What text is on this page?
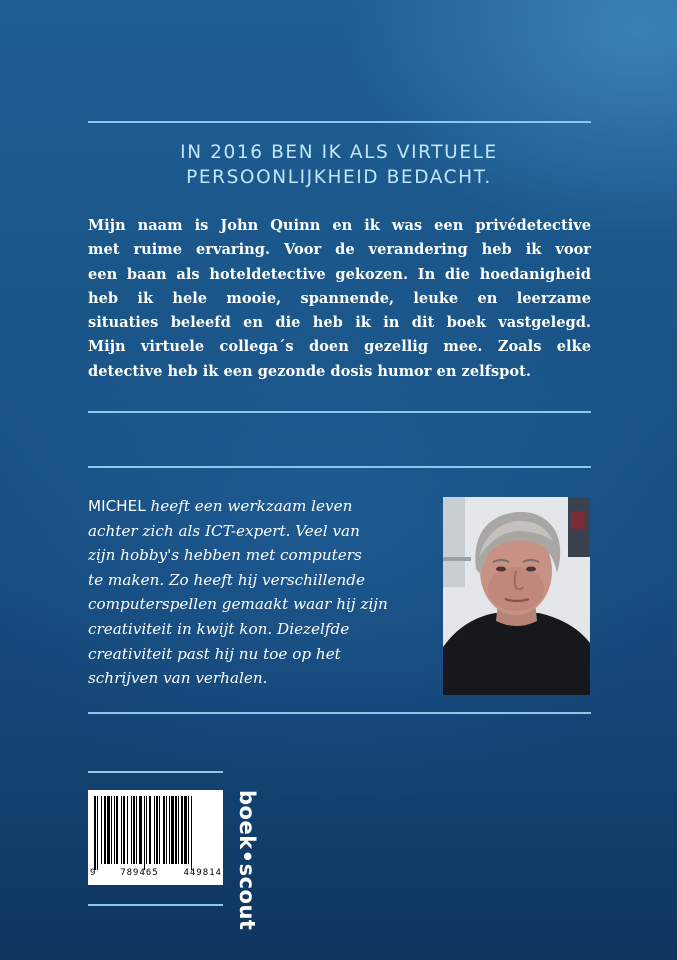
IN 2016 BEN IK ALS VIRTUELE
PERSOONLIJKHEID BEDACHT.
Mijn naam is John Quinn en ik was een privédetective
met ruime ervaring. Voor de verandering heb ik voor
een baan als hoteldetective gekozen. In die hoedanigheid
heb ik hele mooie, spannende, leuke en leerzame
situaties beleefd en die heb ik in dit boek vastgelegd.
Mijn virtuele collega´s doen gezellig mee. Zoals elke
detective heb ik een gezonde dosis humor en zelfspot.
MICHEL heeft een werkzaam leven
achter zich als ICT-expert. Veel van
zijn hobby's hebben met computers
te maken. Zo heeft hij verschillende
computerspellen gemaakt waar hij zijn
creativiteit in kwijt kon. Diezelfde
creativiteit past hij nu toe op het
schrijven van verhalen.
9	789465	449814 boek•scout
